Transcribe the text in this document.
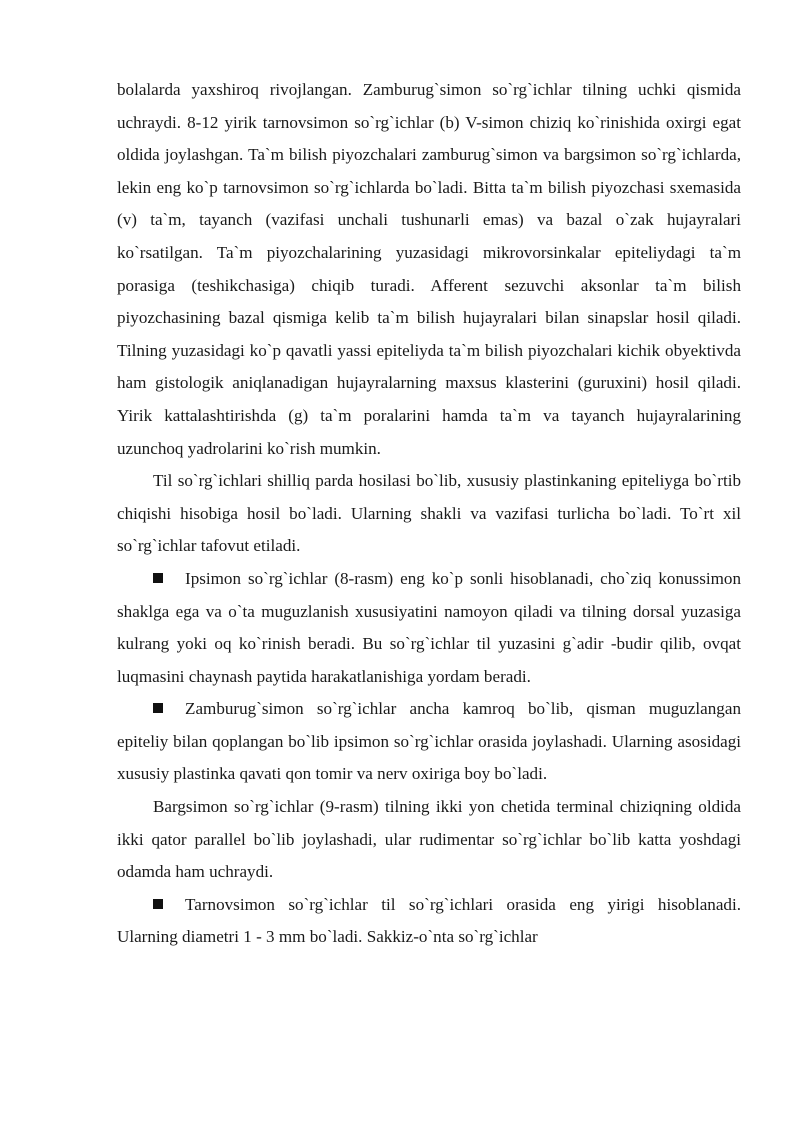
bolalarda yaxshiroq rivojlangan. Zamburug`simon so`rg`ichlar tilning uchki qismida uchraydi. 8-12 yirik tarnovsimon so`rg`ichlar (b) V-simon chiziq ko`rinishida oxirgi egat oldida joylashgan. Ta`m bilish piyozchalari zamburug`simon va bargsimon so`rg`ichlarda, lekin eng ko`p tarnovsimon so`rg`ichlarda bo`ladi. Bitta ta`m bilish piyozchasi sxemasida (v) ta`m, tayanch (vazifasi unchali tushunarli emas) va bazal o`zak hujayralari ko`rsatilgan. Ta`m piyozchalarining yuzasidagi mikrovorsinkalar epiteliydagi ta`m porasiga (teshikchasiga) chiqib turadi. Afferent sezuvchi aksonlar ta`m bilish piyozchasining bazal qismiga kelib ta`m bilish hujayralari bilan sinapslar hosil qiladi. Tilning yuzasidagi ko`p qavatli yassi epiteliyda ta`m bilish piyozchalari kichik obyektivda ham gistologik aniqlanadigan hujayralarning maxsus klasterini (guruxini) hosil qiladi. Yirik kattalashtirishda (g) ta`m poralarini hamda ta`m va tayanch hujayralarining uzunchoq yadrolarini ko`rish mumkin.

Til so`rg`ichlari shilliq parda hosilasi bo`lib, xususiy plastinkaning epiteliyga bo`rtib chiqishi hisobiga hosil bo`ladi. Ularning shakli va vazifasi turlicha bo`ladi. To`rt xil so`rg`ichlar tafovut etiladi.

Ipsimon so`rg`ichlar (8-rasm) eng ko`p sonli hisoblanadi, cho`ziq konussimon shaklga ega va o`ta muguzlanish xususiyatini namoyon qiladi va tilning dorsal yuzasiga kulrang yoki oq ko`rinish beradi. Bu so`rg`ichlar til yuzasini g`adir -budir qilib, ovqat luqmasini chaynash paytida harakatlanishiga yordam beradi.

Zamburug`simon so`rg`ichlar ancha kamroq bo`lib, qisman muguzlangan epiteliy bilan qoplangan bo`lib ipsimon so`rg`ichlar orasida joylashadi. Ularning asosidagi xususiy plastinka qavati qon tomir va nerv oxiriga boy bo`ladi.

Bargsimon so`rg`ichlar (9-rasm) tilning ikki yon chetida terminal chiziqning oldida ikki qator parallel bo`lib joylashadi, ular rudimentar so`rg`ichlar bo`lib katta yoshdagi odamda ham uchraydi.

Tarnovsimon so`rg`ichlar til so`rg`ichlari orasida eng yirigi hisoblanadi. Ularning diametri 1 - 3 mm bo`ladi. Sakkiz-o`nta so`rg`ichlar
